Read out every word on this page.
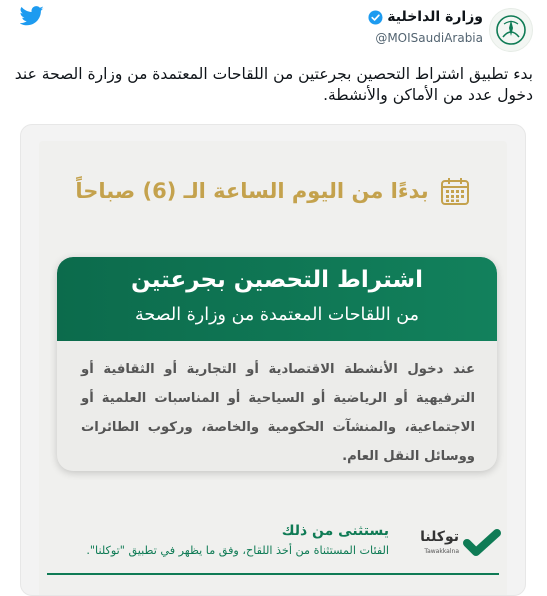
وزارة الداخلية
@MOISaudiArabia
بدء تطبيق اشتراط التحصين بجرعتين من اللقاحات المعتمدة من وزارة الصحة عند دخول عدد من الأماكن والأنشطة.
بدءًا من اليوم الساعة الـ (6) صباحاً
اشتراط التحصين بجرعتين
من اللقاحات المعتمدة من وزارة الصحة
عند دخول الأنشطة الاقتصادية أو التجارية أو الثقافية أو الترفيهية أو الرياضية أو السياحية أو المناسبات العلمية أو الاجتماعية، والمنشآت الحكومية والخاصة، وركوب الطائرات ووسائل النقل العام.
توكلنا
Tawakkalna
يستثنى من ذلك
الفئات المستثناة من أخذ اللقاح، وفق ما يظهر في تطبيق "توكلنا".
